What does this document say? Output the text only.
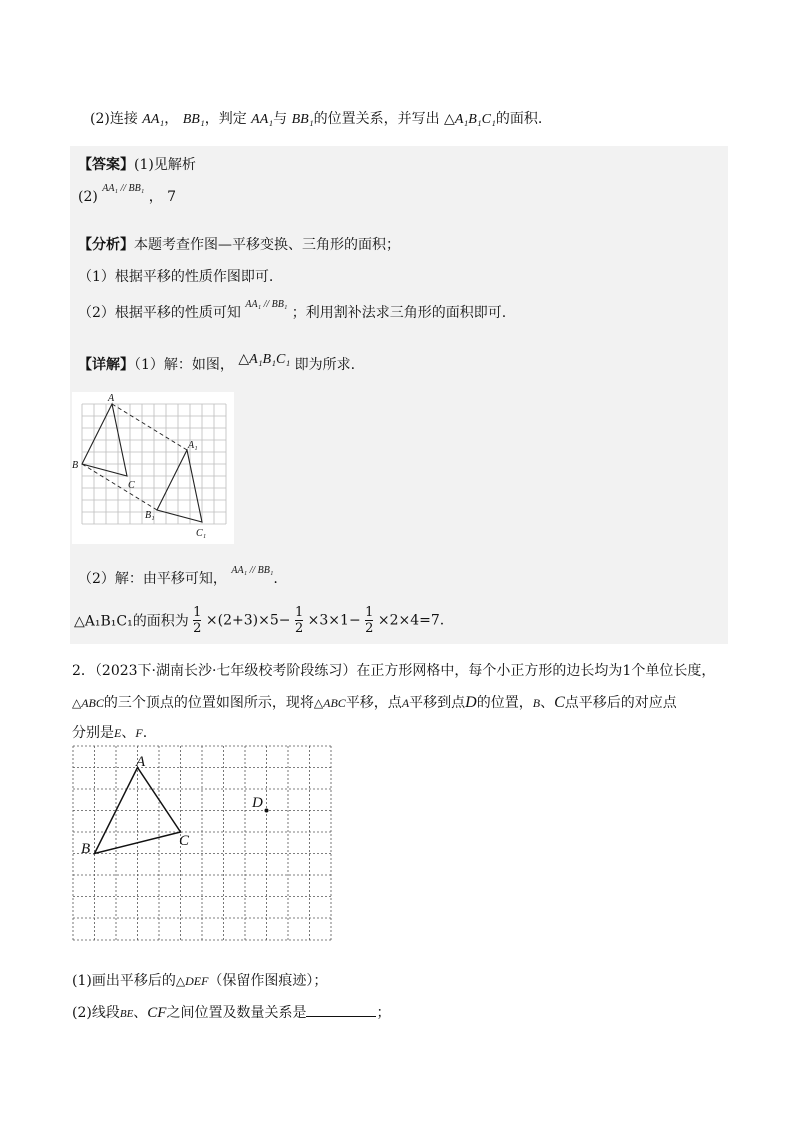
(2)连接 AA₁， BB₁，判定 AA₁与 BB₁的位置关系，并写出 △A₁B₁C₁的面积.
【答案】(1)见解析
(2) $^{AA_1 // BB_1}$ ， 7
【分析】本题考查作图—平移变换、三角形的面积；
（1）根据平移的性质作图即可.
（2）根据平移的性质可知 $^{AA_1 // BB_1}$ ；利用割补法求三角形的面积即可.
【详解】（1）解：如图， △A₁B₁C₁ 即为所求.
A
B
C
A₁
B₁
C₁
（2）解：由平移可知， $^{AA_1 // BB_1}$.
△A₁B₁C₁的面积为 $\frac{1}{2} \times(2+3)\times 5- \frac{1}{2} \times 3\times 1- \frac{1}{2} \times 2\times 4=7$.
2．（2023下·湖南长沙·七年级校考阶段练习）在正方形网格中，每个小正方形的边长均为1个单位长度，
△ABC的三个顶点的位置如图所示，现将△ABC平移，点A平移到点D的位置，B、C点平移后的对应点
分别是E、F.
A
B	C
D
(1)画出平移后的△DEF（保留作图痕迹）；
(2)线段BE、CF之间位置及数量关系是	；
